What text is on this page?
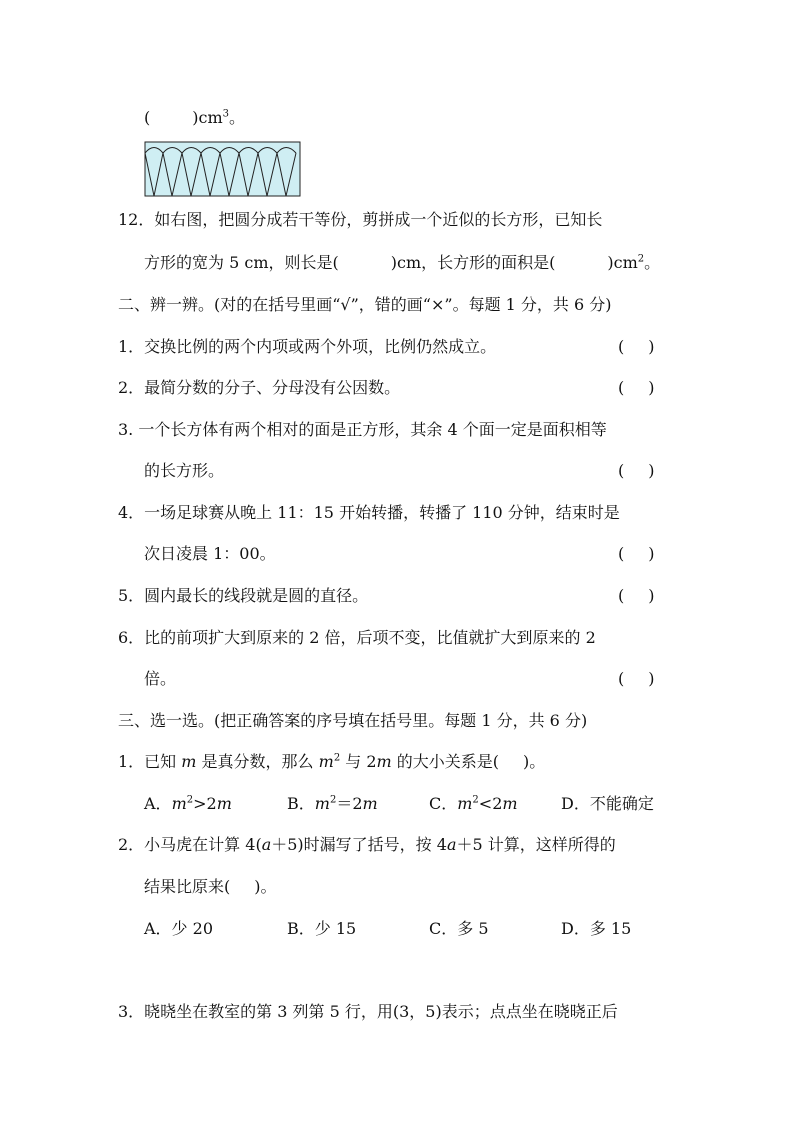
(	)$cm^3$。
12．如右图，把圆分成若干等份，剪拼成一个近似的长方形，已知长
方形的宽为 5 cm，则长是(	)cm，长方形的面积是(	)$cm^2$。
二、辨一辨。(对的在括号里画“√”，错的画“×”。每题 1 分，共 6 分)
1．交换比例的两个内项或两个外项，比例仍然成立。	(  )
2．最简分数的分子、分母没有公因数。	(  )
3. 一个长方体有两个相对的面是正方形，其余 4 个面一定是面积相等
的长方形。	(  )
4．一场足球赛从晚上 11：15 开始转播，转播了 110 分钟，结束时是
次日凌晨 1：00。	(  )
5．圆内最长的线段就是圆的直径。	(  )
6．比的前项扩大到原来的 2 倍，后项不变，比值就扩大到原来的 2
倍。	(  )
三、选一选。(把正确答案的序号填在括号里。每题 1 分，共 6 分)
1．已知 m 是真分数，那么 $m^2$ 与 2m 的大小关系是(  )。
A．$m^2>2m$	B．$m^2=2m$	C．$m^2<2m$	D．不能确定
2．小马虎在计算 4(a＋5)时漏写了括号，按 4a＋5 计算，这样所得的
结果比原来(  )。
A．少 20	B．少 15	C．多 5	D．多 15
3．晓晓坐在教室的第 3 列第 5 行，用(3，5)表示；点点坐在晓晓正后
